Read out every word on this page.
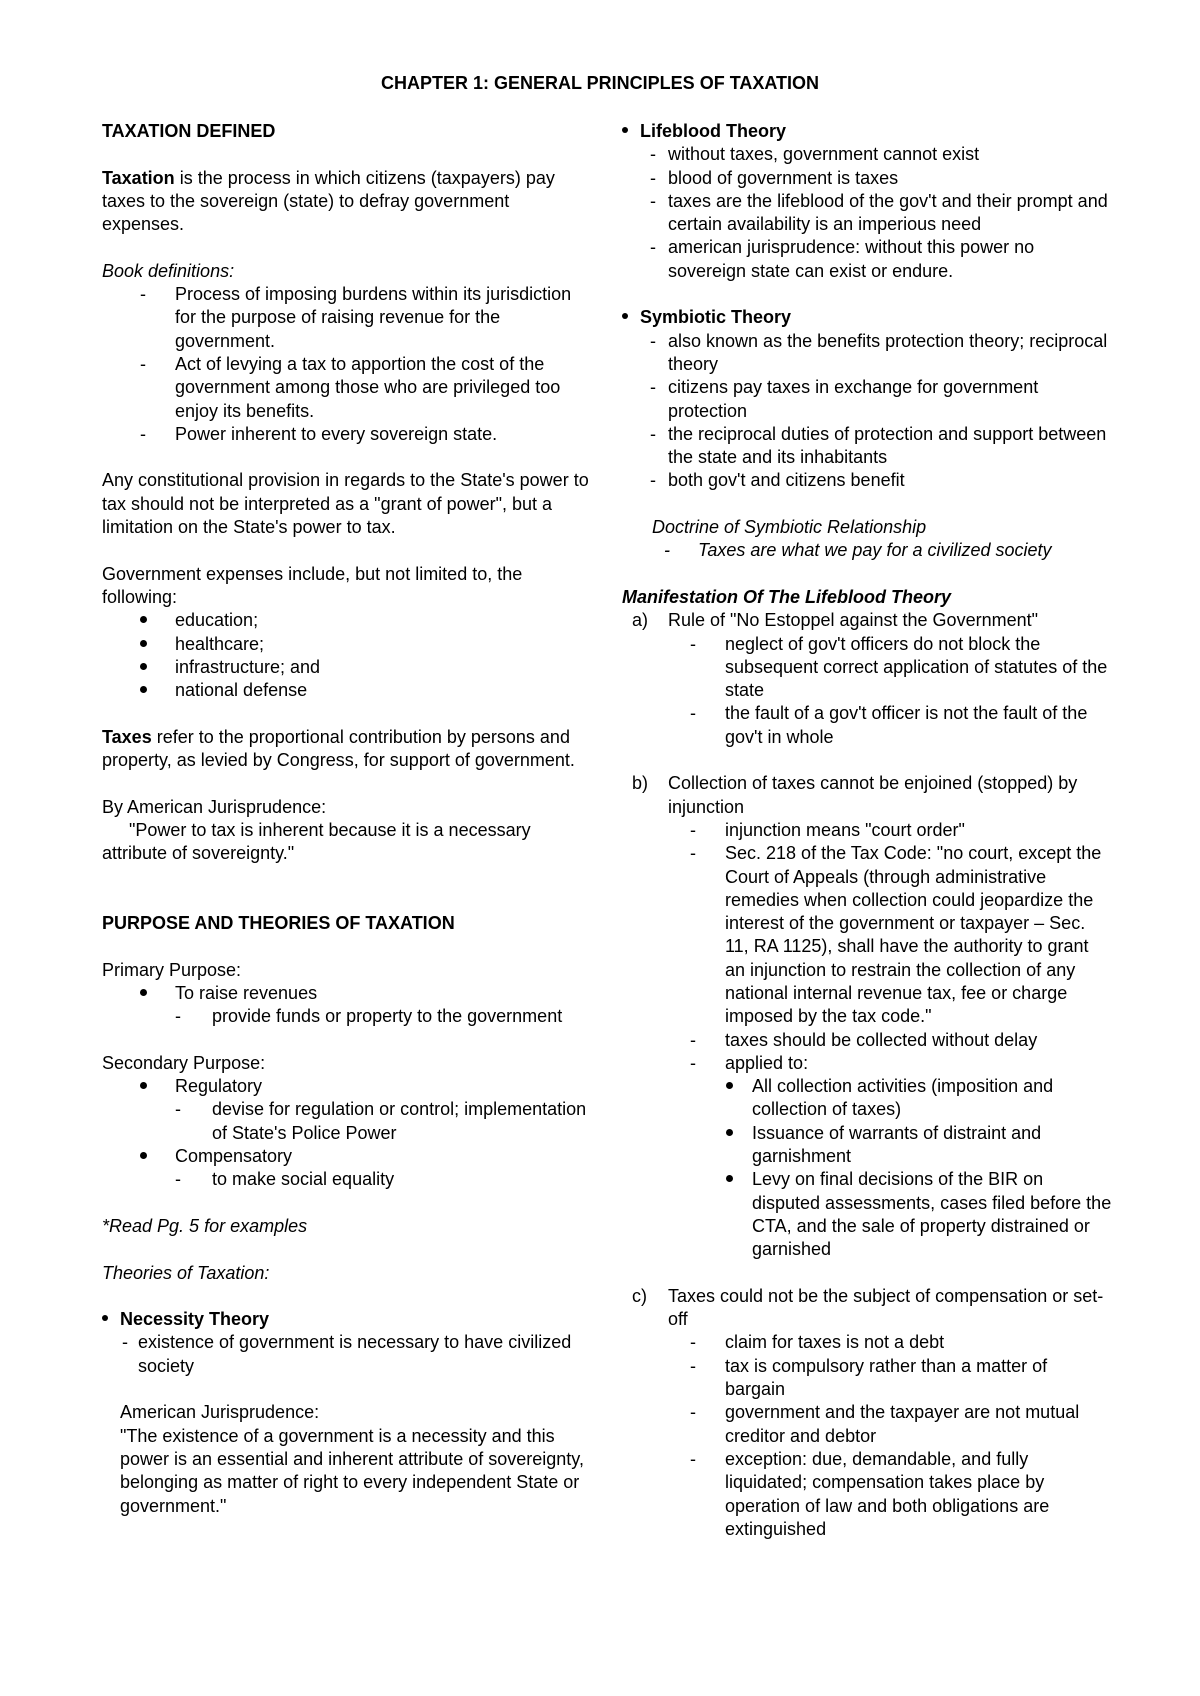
CHAPTER 1: GENERAL PRINCIPLES OF TAXATION

TAXATION DEFINED

Taxation is the process in which citizens (taxpayers) pay taxes to the sovereign (state) to defray government expenses.

Book definitions:

- Process of imposing burdens within its jurisdiction for the purpose of raising revenue for the government.
- Act of levying a tax to apportion the cost of the government among those who are privileged too enjoy its benefits.
- Power inherent to every sovereign state.

Any constitutional provision in regards to the State's power to tax should not be interpreted as a "grant of power", but a limitation on the State's power to tax.

Government expenses include, but not limited to, the following:

education;
healthcare;
infrastructure; and
national defense

Taxes refer to the proportional contribution by persons and property, as levied by Congress, for support of government.

By American Jurisprudence:

"Power to tax is inherent because it is a necessary

attribute of sovereignty."

PURPOSE AND THEORIES OF TAXATION

Primary Purpose:

To raise revenues
- provide funds or property to the government

Secondary Purpose:

Regulatory
- devise for regulation or control; implementation of State's Police Power
Compensatory
- to make social equality

*Read Pg. 5 for examples

Theories of Taxation:

Necessity Theory
- existence of government is necessary to have civilized society

American Jurisprudence:

"The existence of a government is a necessity and this power is an essential and inherent attribute of sovereignty, belonging as matter of right to every independent State or government."

Lifeblood Theory
- without taxes, government cannot exist
- blood of government is taxes
- taxes are the lifeblood of the gov't and their prompt and certain availability is an imperious need
- american jurisprudence: without this power no sovereign state can exist or endure.
Symbiotic Theory
- also known as the benefits protection theory; reciprocal theory
- citizens pay taxes in exchange for government protection
- the reciprocal duties of protection and support between the state and its inhabitants
- both gov't and citizens benefit

Doctrine of Symbiotic Relationship

- Taxes are what we pay for a civilized society

Manifestation Of The Lifeblood Theory

a) Rule of "No Estoppel against the Government"
- neglect of gov't officers do not block the subsequent correct application of statutes of the state
- the fault of a gov't officer is not the fault of the gov't in whole
b) Collection of taxes cannot be enjoined (stopped) by injunction
- injunction means "court order"
- Sec. 218 of the Tax Code: "no court, except the Court of Appeals (through administrative remedies when collection could jeopardize the interest of the government or taxpayer – Sec. 11, RA 1125), shall have the authority to grant an injunction to restrain the collection of any national internal revenue tax, fee or charge imposed by the tax code."
- taxes should be collected without delay
- applied to:
All collection activities (imposition and collection of taxes)
Issuance of warrants of distraint and garnishment
Levy on final decisions of the BIR on disputed assessments, cases filed before the CTA, and the sale of property distrained or garnished
c) Taxes could not be the subject of compensation or set-off
- claim for taxes is not a debt
- tax is compulsory rather than a matter of bargain
- government and the taxpayer are not mutual creditor and debtor
- exception: due, demandable, and fully liquidated; compensation takes place by operation of law and both obligations are extinguished
